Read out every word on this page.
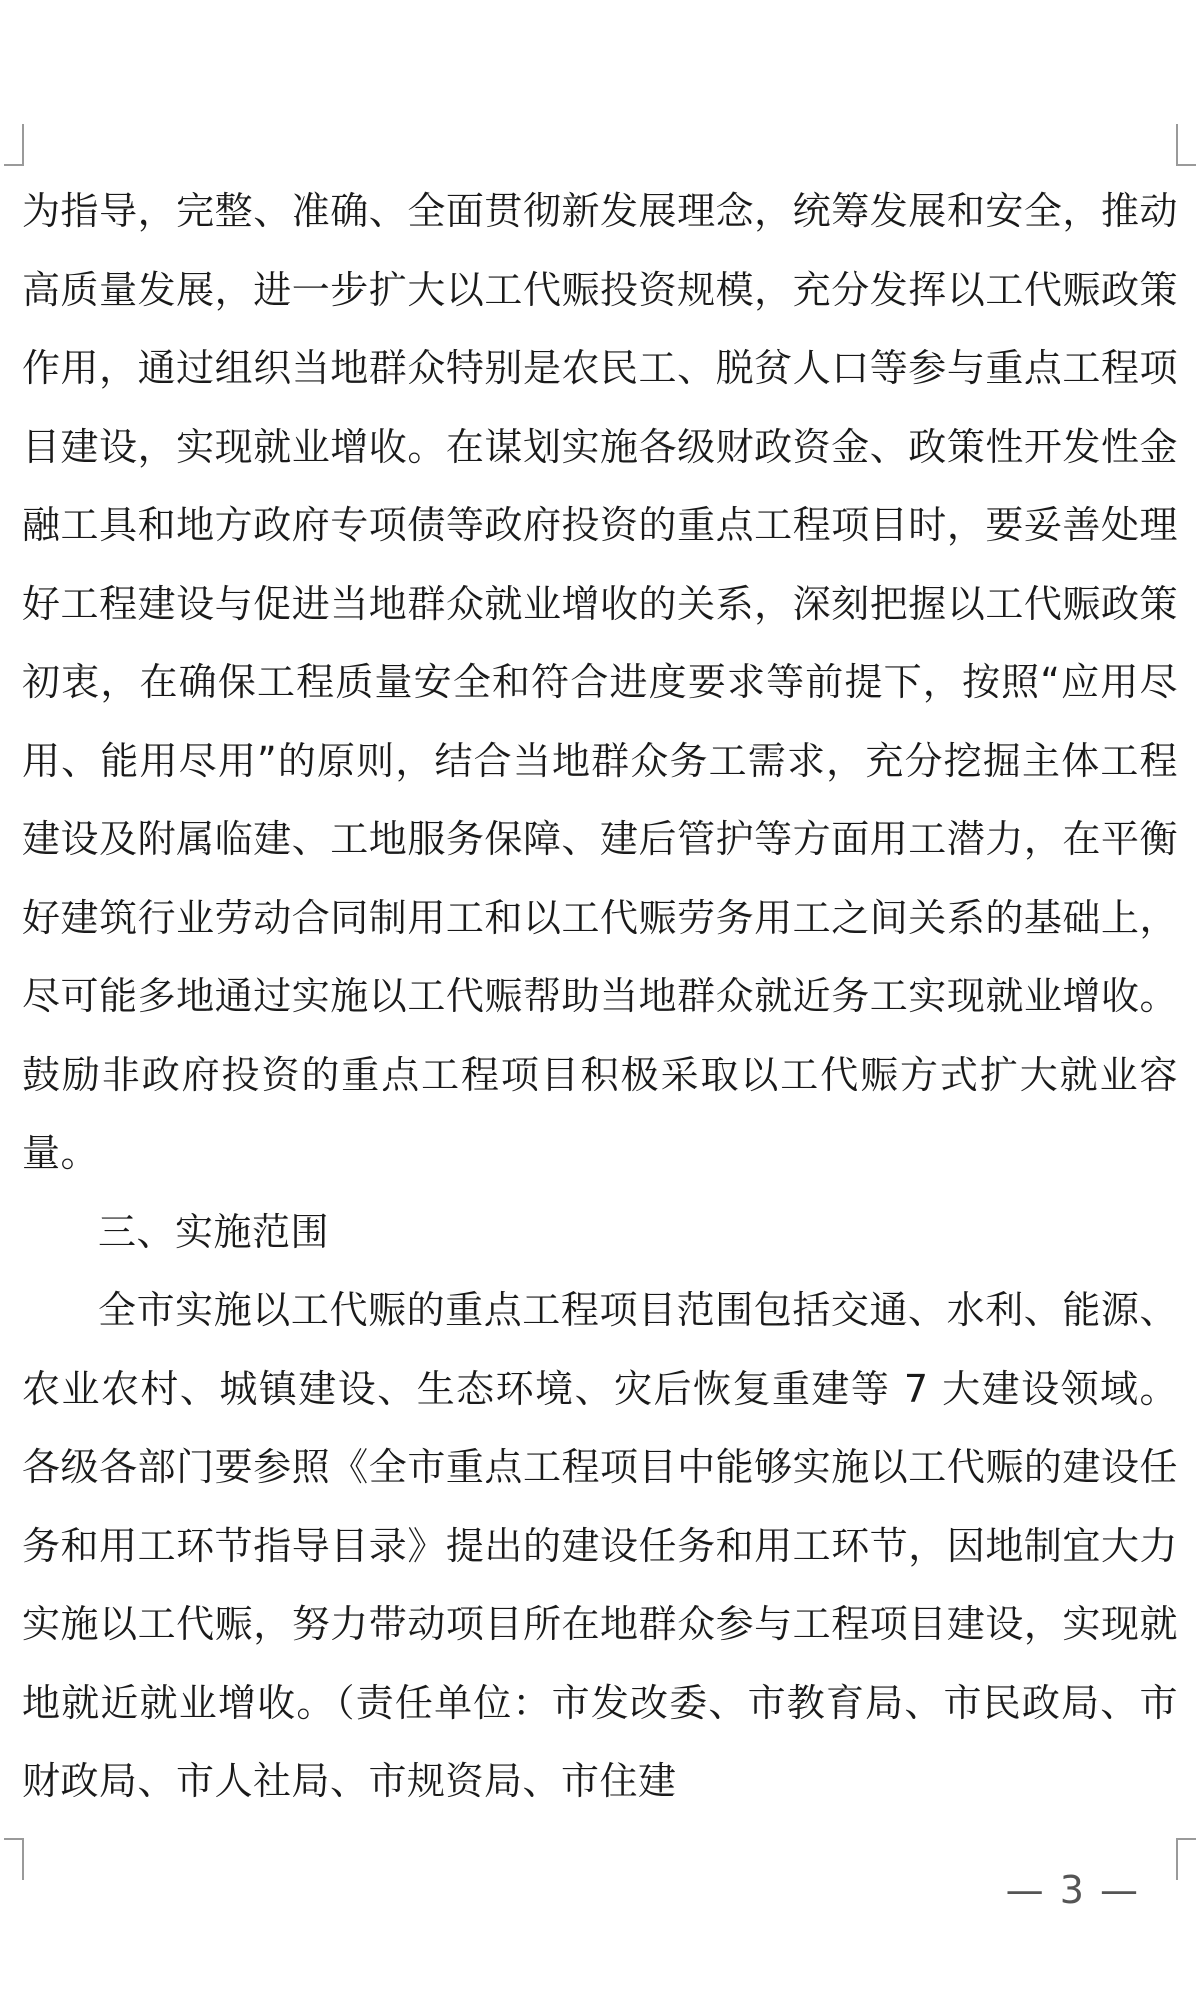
为指导，完整、准确、全面贯彻新发展理念，统筹发展和安全，推动高质量发展，进一步扩大以工代赈投资规模，充分发挥以工代赈政策作用，通过组织当地群众特别是农民工、脱贫人口等参与重点工程项目建设，实现就业增收。在谋划实施各级财政资金、政策性开发性金融工具和地方政府专项债等政府投资的重点工程项目时，要妥善处理好工程建设与促进当地群众就业增收的关系，深刻把握以工代赈政策初衷，在确保工程质量安全和符合进度要求等前提下，按照“应用尽用、能用尽用”的原则，结合当地群众务工需求，充分挖掘主体工程建设及附属临建、工地服务保障、建后管护等方面用工潜力，在平衡好建筑行业劳动合同制用工和以工代赈劳务用工之间关系的基础上，尽可能多地通过实施以工代赈帮助当地群众就近务工实现就业增收。鼓励非政府投资的重点工程项目积极采取以工代赈方式扩大就业容量。

三、实施范围

全市实施以工代赈的重点工程项目范围包括交通、水利、能源、农业农村、城镇建设、生态环境、灾后恢复重建等 7 大建设领域。各级各部门要参照《全市重点工程项目中能够实施以工代赈的建设任务和用工环节指导目录》提出的建设任务和用工环节，因地制宜大力实施以工代赈，努力带动项目所在地群众参与工程项目建设，实现就地就近就业增收。（责任单位：市发改委、市教育局、市民政局、市财政局、市人社局、市规资局、市住建

— 3 —
